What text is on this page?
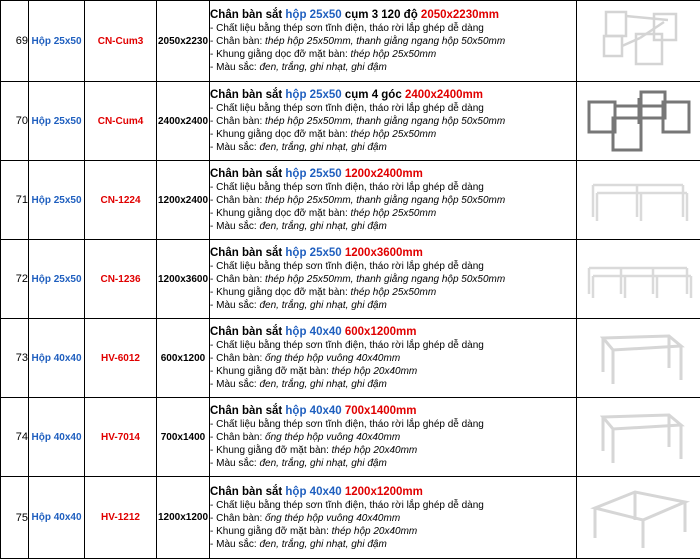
69	Hộp 25x50	CN-Cum3	2050x2230	Chân bàn sắt hộp 25x50 cụm 3 120 độ 2050x2230mm
- Chất liệu bằng thép sơn tĩnh điện, tháo rời lắp ghép dễ dàng
- Chân bàn: thép hộp 25x50mm, thanh giằng ngang hộp 50x50mm
- Khung giằng dọc đỡ mặt bàn: thép hộp 25x50mm
- Màu sắc: đen, trắng, ghi nhạt, ghi đậm

70	Hộp 25x50	CN-Cum4	2400x2400	Chân bàn sắt hộp 25x50 cụm 4 góc 2400x2400mm
- Chất liệu bằng thép sơn tĩnh điện, tháo rời lắp ghép dễ dàng
- Chân bàn: thép hộp 25x50mm, thanh giằng ngang hộp 50x50mm
- Khung giằng dọc đỡ mặt bàn: thép hộp 25x50mm
- Màu sắc: đen, trắng, ghi nhạt, ghi đậm

71	Hộp 25x50	CN-1224	1200x2400	Chân bàn sắt hộp 25x50 1200x2400mm
- Chất liệu bằng thép sơn tĩnh điện, tháo rời lắp ghép dễ dàng
- Chân bàn: thép hộp 25x50mm, thanh giằng ngang hộp 50x50mm
- Khung giằng dọc đỡ mặt bàn: thép hộp 25x50mm
- Màu sắc: đen, trắng, ghi nhạt, ghi đậm

72	Hộp 25x50	CN-1236	1200x3600	Chân bàn sắt hộp 25x50 1200x3600mm
- Chất liệu bằng thép sơn tĩnh điện, tháo rời lắp ghép dễ dàng
- Chân bàn: thép hộp 25x50mm, thanh giằng ngang hộp 50x50mm
- Khung giằng dọc đỡ mặt bàn: thép hộp 25x50mm
- Màu sắc: đen, trắng, ghi nhạt, ghi đậm

73	Hộp 40x40	HV-6012	600x1200	Chân bàn sắt hộp 40x40 600x1200mm
- Chất liệu bằng thép sơn tĩnh điện, tháo rời lắp ghép dễ dàng
- Chân bàn: ống thép hộp vuông 40x40mm
- Khung giằng đỡ mặt bàn: thép hộp 20x40mm
- Màu sắc: đen, trắng, ghi nhạt, ghi đậm

74	Hộp 40x40	HV-7014	700x1400	Chân bàn sắt hộp 40x40 700x1400mm
- Chất liệu bằng thép sơn tĩnh điện, tháo rời lắp ghép dễ dàng
- Chân bàn: ống thép hộp vuông 40x40mm
- Khung giằng đỡ mặt bàn: thép hộp 20x40mm
- Màu sắc: đen, trắng, ghi nhạt, ghi đậm

75	Hộp 40x40	HV-1212	1200x1200	Chân bàn sắt hộp 40x40 1200x1200mm
- Chất liệu bằng thép sơn tĩnh điện, tháo rời lắp ghép dễ dàng
- Chân bàn: ống thép hộp vuông 40x40mm
- Khung giằng đỡ mặt bàn: thép hộp 20x40mm
- Màu sắc: đen, trắng, ghi nhạt, ghi đậm
